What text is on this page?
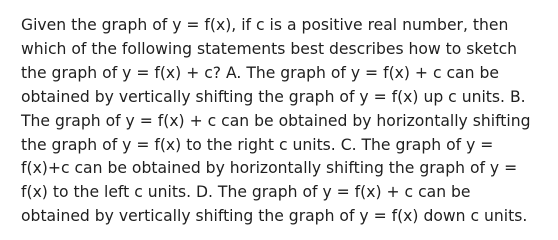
Given the graph of y = f(x), if c is a positive real number, then
which of the following statements best describes how to sketch
the graph of y = f(x) + c? A. The graph of y = f(x) + c can be
obtained by vertically shifting the graph of y = f(x) up c units. B.
The graph of y = f(x) + c can be obtained by horizontally shifting
the graph of y = f(x) to the right c units. C. The graph of y =
f(x)+c can be obtained by horizontally shifting the graph of y =
f(x) to the left c units. D. The graph of y = f(x) + c can be
obtained by vertically shifting the graph of y = f(x) down c units.
